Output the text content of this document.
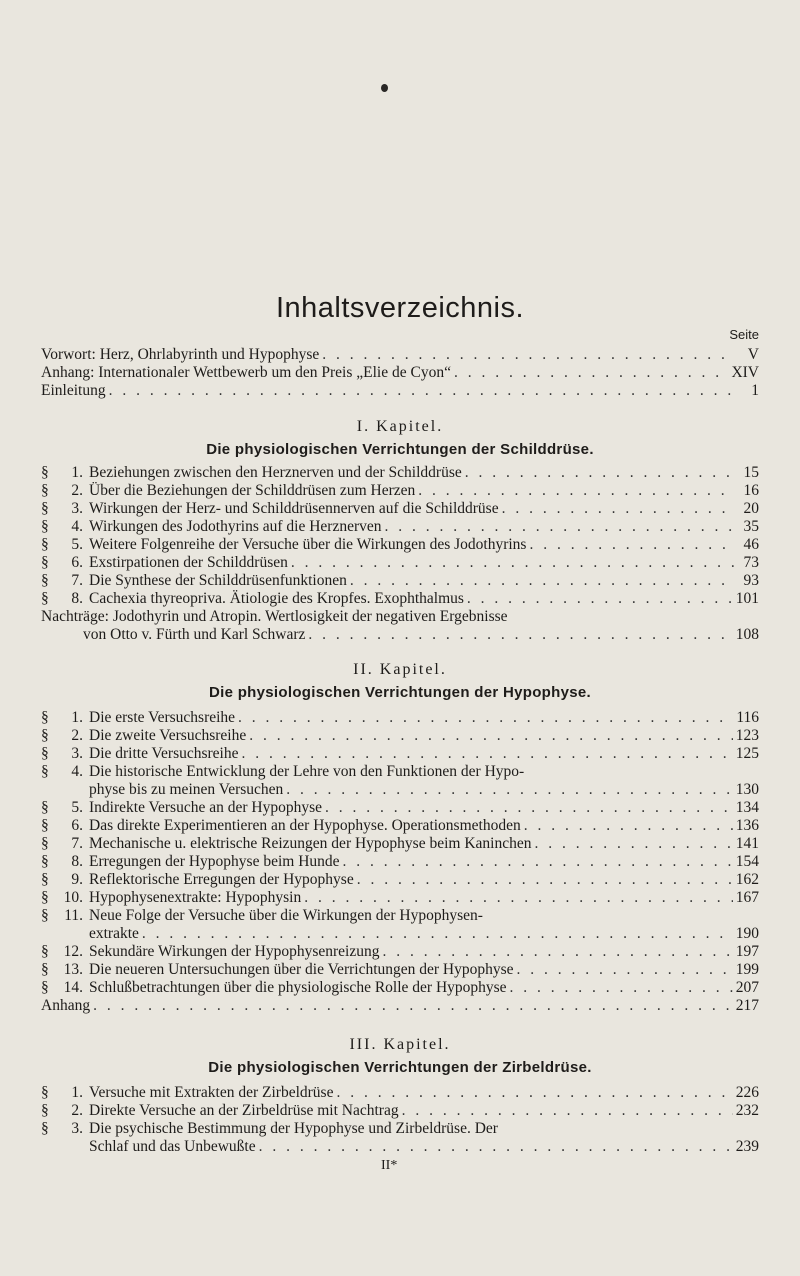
Inhaltsverzeichnis.
Seite
Vorwort: Herz, Ohrlabyrinth und Hypophyse . . .	V
Anhang: Internationaler Wettbewerb um den Preis „Elie de Cyon“ . . .	XIV
Einleitung . . .	1
I. Kapitel.
Die physiologischen Verrichtungen der Schilddrüse.
§ 1. Beziehungen zwischen den Herznerven und der Schilddrüse . . .	15
§ 2. Über die Beziehungen der Schilddrüsen zum Herzen . . .	16
§ 3. Wirkungen der Herz- und Schilddrüsennerven auf die Schilddrüse . . .	20
§ 4. Wirkungen des Jodothyrins auf die Herznerven . . .	35
§ 5. Weitere Folgenreihe der Versuche über die Wirkungen des Jodothyrins . . .	46
§ 6. Exstirpationen der Schilddrüsen . . .	73
§ 7. Die Synthese der Schilddrüsenfunktionen . . .	93
§ 8. Cachexia thyreopriva. Ätiologie des Kropfes. Exophthalmus . . .	101
Nachträge: Jodothyrin und Atropin. Wertlosigkeit der negativen Ergebnisse
von Otto v. Fürth und Karl Schwarz . . .	108
II. Kapitel.
Die physiologischen Verrichtungen der Hypophyse.
§ 1. Die erste Versuchsreihe . . .	116
§ 2. Die zweite Versuchsreihe . . .	123
§ 3. Die dritte Versuchsreihe . . .	125
§ 4. Die historische Entwicklung der Lehre von den Funktionen der Hypo-
physe bis zu meinen Versuchen . . .	130
§ 5. Indirekte Versuche an der Hypophyse . . .	134
§ 6. Das direkte Experimentieren an der Hypophyse. Operationsmethoden . . .	136
§ 7. Mechanische u. elektrische Reizungen der Hypophyse beim Kaninchen . . .	141
§ 8. Erregungen der Hypophyse beim Hunde . . .	154
§ 9. Reflektorische Erregungen der Hypophyse . . .	162
§ 10. Hypophysenextrakte: Hypophysin . . .	167
§ 11. Neue Folge der Versuche über die Wirkungen der Hypophysen-
extrakte . . .	190
§ 12. Sekundäre Wirkungen der Hypophysenreizung . . .	197
§ 13. Die neueren Untersuchungen über die Verrichtungen der Hypophyse . . .	199
§ 14. Schlußbetrachtungen über die physiologische Rolle der Hypophyse . . .	207
Anhang . . .	217
III. Kapitel.
Die physiologischen Verrichtungen der Zirbeldrüse.
§ 1. Versuche mit Extrakten der Zirbeldrüse . . .	226
§ 2. Direkte Versuche an der Zirbeldrüse mit Nachtrag . . .	232
§ 3. Die psychische Bestimmung der Hypophyse und Zirbeldrüse. Der
Schlaf und das Unbewußte . . .	239
II*
